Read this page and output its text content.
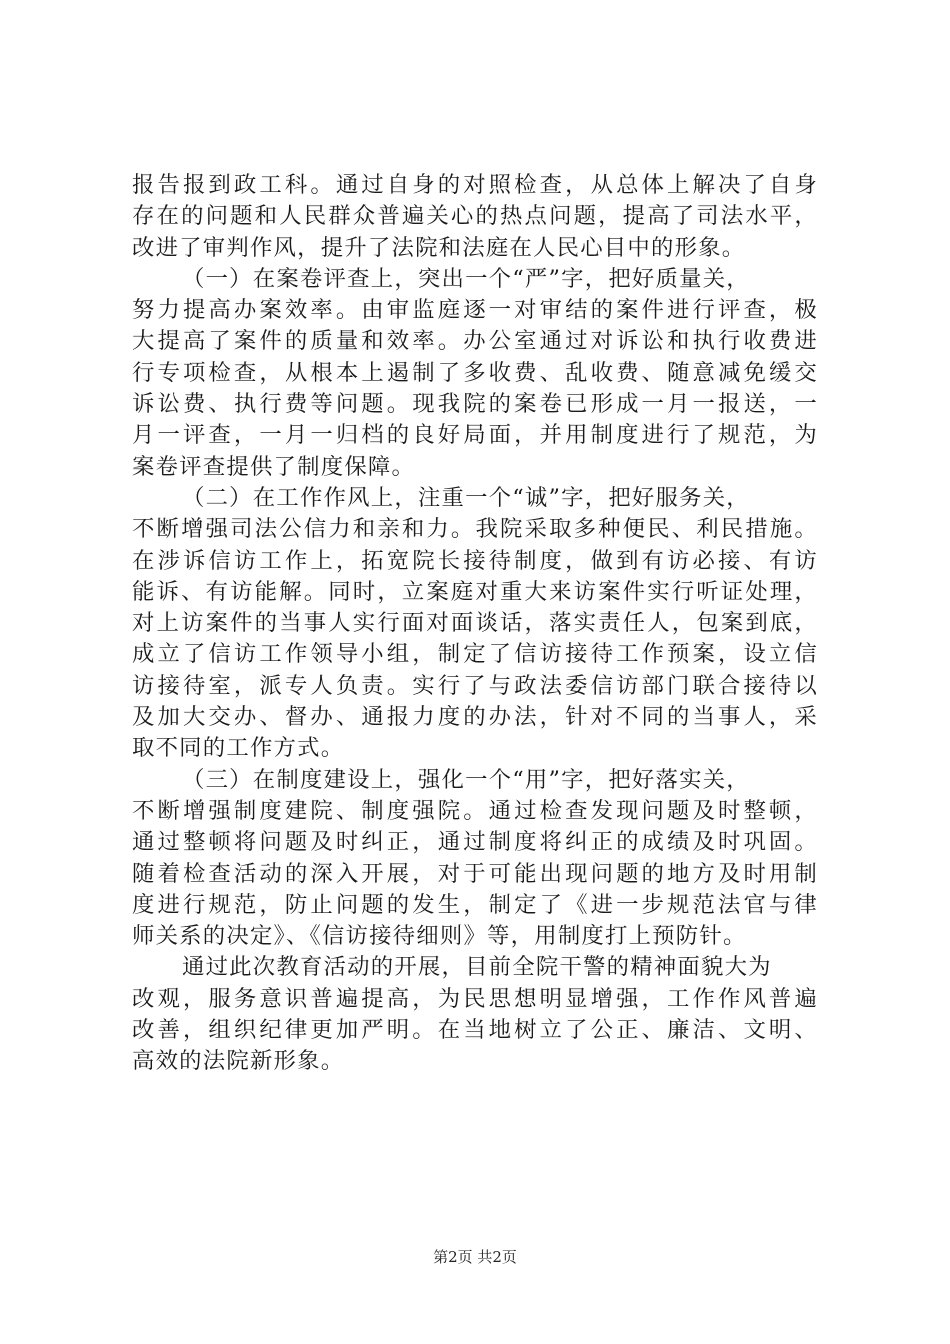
报告报到政工科。通过自身的对照检查，从总体上解决了自身
存在的问题和人民群众普遍关心的热点问题，提高了司法水平，
改进了审判作风，提升了法院和法庭在人民心目中的形象。
（一）在案卷评查上，突出一个“严”字，把好质量关，
努力提高办案效率。由审监庭逐一对审结的案件进行评查，极
大提高了案件的质量和效率。办公室通过对诉讼和执行收费进
行专项检查，从根本上遏制了多收费、乱收费、随意减免缓交
诉讼费、执行费等问题。现我院的案卷已形成一月一报送，一
月一评查，一月一归档的良好局面，并用制度进行了规范，为
案卷评查提供了制度保障。
（二）在工作作风上，注重一个“诚”字，把好服务关，
不断增强司法公信力和亲和力。我院采取多种便民、利民措施。
在涉诉信访工作上，拓宽院长接待制度，做到有访必接、有访
能诉、有访能解。同时，立案庭对重大来访案件实行听证处理，
对上访案件的当事人实行面对面谈话，落实责任人，包案到底，
成立了信访工作领导小组，制定了信访接待工作预案，设立信
访接待室，派专人负责。实行了与政法委信访部门联合接待以
及加大交办、督办、通报力度的办法，针对不同的当事人，采
取不同的工作方式。
（三）在制度建设上，强化一个“用”字，把好落实关，
不断增强制度建院、制度强院。通过检查发现问题及时整顿，
通过整顿将问题及时纠正，通过制度将纠正的成绩及时巩固。
随着检查活动的深入开展，对于可能出现问题的地方及时用制
度进行规范，防止问题的发生，制定了《进一步规范法官与律
师关系的决定》、《信访接待细则》等，用制度打上预防针。
通过此次教育活动的开展，目前全院干警的精神面貌大为
改观，服务意识普遍提高，为民思想明显增强，工作作风普遍
改善，组织纪律更加严明。在当地树立了公正、廉洁、文明、
高效的法院新形象。
第2页 共2页
